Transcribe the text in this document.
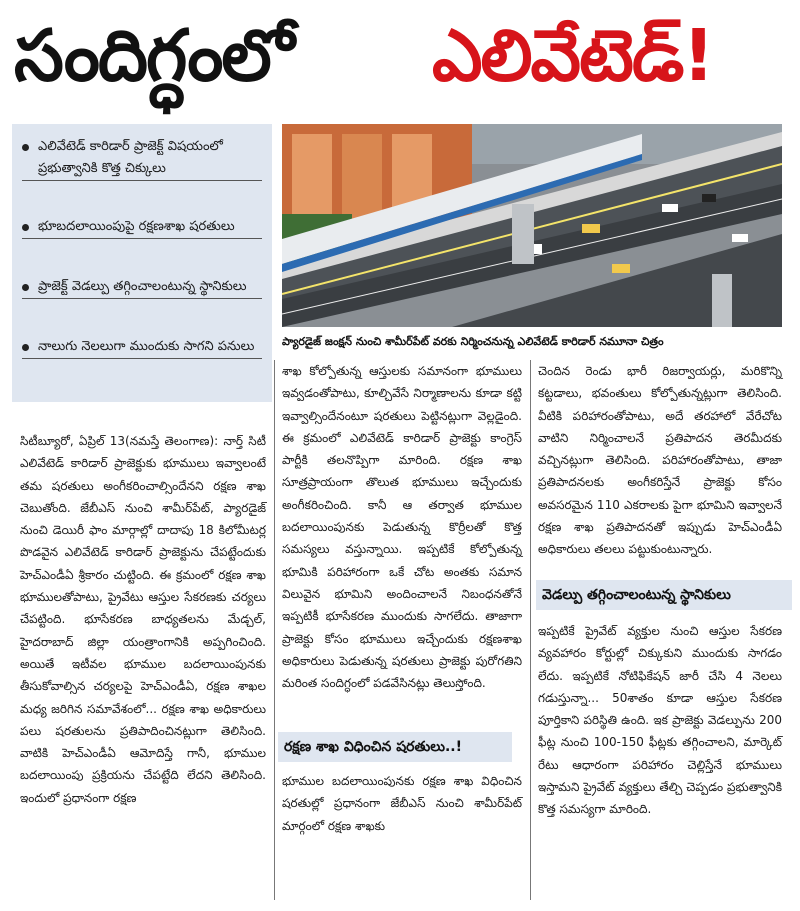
సందిగ్ధంలో ఎలివేటెడ్!
ఎలివేటెడ్ కారిడార్ ప్రాజెక్ట్ విషయంలో ప్రభుత్వానికి కొత్త చిక్కులు
భూబదలాయింపుపై రక్షణశాఖ షరతులు
ప్రాజెక్ట్ వెడల్పు తగ్గించాలంటున్న స్థానికులు
నాలుగు నెలలుగా ముందుకు సాగని పనులు	ప్యారడైజ్ జంక్షన్ నుంచి శామీర్‌పేట్ వరకు నిర్మించనున్న ఎలివేటెడ్ కారిడార్ నమూనా చిత్రం

సిటీబ్యూరో, ఏప్రిల్ 13(నమస్తే తెలంగాణ): నార్త్ సిటీ ఎలివేటెడ్ కారిడార్ ప్రాజెక్టుకు భూములు ఇవ్వాలంటే తమ షరతులు అంగీకరించాల్సిందేనని రక్షణ శాఖ చెబుతోంది. జేబీఎస్ నుంచి శామీర్‌పేట్, ప్యారడైజ్ నుంచి డెయిరీ ఫాం మార్గాల్లో దాదాపు 18 కిలోమీటర్ల పొడవైన ఎలివేటెడ్ కారిడార్ ప్రాజెక్టును చేపట్టేందుకు హెచ్ఎండీఏ శ్రీకారం చుట్టింది. ఈ క్రమంలో రక్షణ శాఖ భూములతోపాటు, ప్రైవేటు ఆస్తుల సేకరణకు చర్యలు చేపట్టింది. భూసేకరణ బాధ్యతలను మేడ్చల్, హైదరాబాద్ జిల్లా యంత్రాంగానికి అప్పగించింది. అయితే ఇటీవల భూముల బదలాయింపునకు తీసుకోవాల్సిన చర్యలపై హెచ్ఎండీఏ, రక్షణ శాఖల మధ్య జరిగిన సమావేశంలో... రక్షణ శాఖ అధికారులు పలు షరతులను ప్రతిపాదించినట్లుగా తెలిసింది. వాటికి హెచ్ఎండీఏ ఆమోదిస్తే గానీ, భూముల బదలాయింపు ప్రక్రియను చేపట్టేది లేదని తెలిసింది. ఇందులో ప్రధానంగా రక్షణ

శాఖ కోల్పోతున్న ఆస్తులకు సమానంగా భూములు ఇవ్వడంతోపాటు, కూల్చివేసే నిర్మాణాలను కూడా కట్టి ఇవ్వాల్సిందేనంటూ షరతులు పెట్టినట్లుగా వెల్లడైంది. ఈ క్రమంలో ఎలివేటెడ్ కారిడార్ ప్రాజెక్టు కాంగ్రెస్ పార్టీకి తలనొప్పిగా మారింది. రక్షణ శాఖ సూత్రప్రాయంగా తొలుత భూములు ఇచ్చేందుకు అంగీకరించింది. కానీ ఆ తర్వాత భూముల బదలాయింపునకు పెడుతున్న కొర్రీలతో కొత్త సమస్యలు వస్తున్నాయి. ఇప్పటికే కోల్పోతున్న భూమికి పరిహారంగా ఒకే చోట అంతకు సమాన విలువైన భూమిని అందించాలనే నిబంధనతోనే ఇప్పటికీ భూసేకరణ ముందుకు సాగలేదు. తాజాగా ప్రాజెక్టు కోసం భూములు ఇచ్చేందుకు రక్షణశాఖ అధికారులు పెడుతున్న షరతులు ప్రాజెక్టు పురోగతిని మరింత సందిగ్ధంలో పడవేసినట్లు తెలుస్తోంది.

రక్షణ శాఖ విధించిన షరతులు..!

భూముల బదలాయింపునకు రక్షణ శాఖ విధించిన షరతుల్లో ప్రధానంగా జేబీఎస్ నుంచి శామీర్‌పేట్ మార్గంలో రక్షణ శాఖకు

చెందిన రెండు భారీ రిజర్వాయర్లు, మరికొన్ని కట్టడాలు, భవంతులు కోల్పోతున్నట్లుగా తెలిసింది. వీటికి పరిహారంతోపాటు, అదే తరహాలో వేరేచోట వాటిని నిర్మించాలనే ప్రతిపాదన తెరమీదకు వచ్చినట్లుగా తెలిసింది. పరిహారంతోపాటు, తాజా ప్రతిపాదనలకు అంగీకరిస్తేనే ప్రాజెక్టు కోసం అవసరమైన 110 ఎకరాలకు పైగా భూమిని ఇవ్వాలనే రక్షణ శాఖ ప్రతిపాదనతో ఇప్పుడు హెచ్ఎండీఏ అధికారులు తలలు పట్టుకుంటున్నారు.

వెడల్పు తగ్గించాలంటున్న స్థానికులు

ఇప్పటికే ప్రైవేట్ వ్యక్తుల నుంచి ఆస్తుల సేకరణ వ్యవహారం కోర్టుల్లో చిక్కుకుని ముందుకు సాగడం లేదు. ఇప్పటికే నోటిఫికేషన్ జారీ చేసి 4 నెలలు గడుస్తున్నా... 50శాతం కూడా ఆస్తుల సేకరణ పూర్తికాని పరిస్థితి ఉంది. ఇక ప్రాజెక్టు వెడల్పును 200 ఫీట్ల నుంచి 100-150 ఫీట్లకు తగ్గించాలని, మార్కెట్ రేటు ఆధారంగా పరిహారం చెల్లిస్తేనే భూములు ఇస్తామని ప్రైవేట్ వ్యక్తులు తేల్చి చెప్పడం ప్రభుత్వానికి కొత్త సమస్యగా మారింది.
